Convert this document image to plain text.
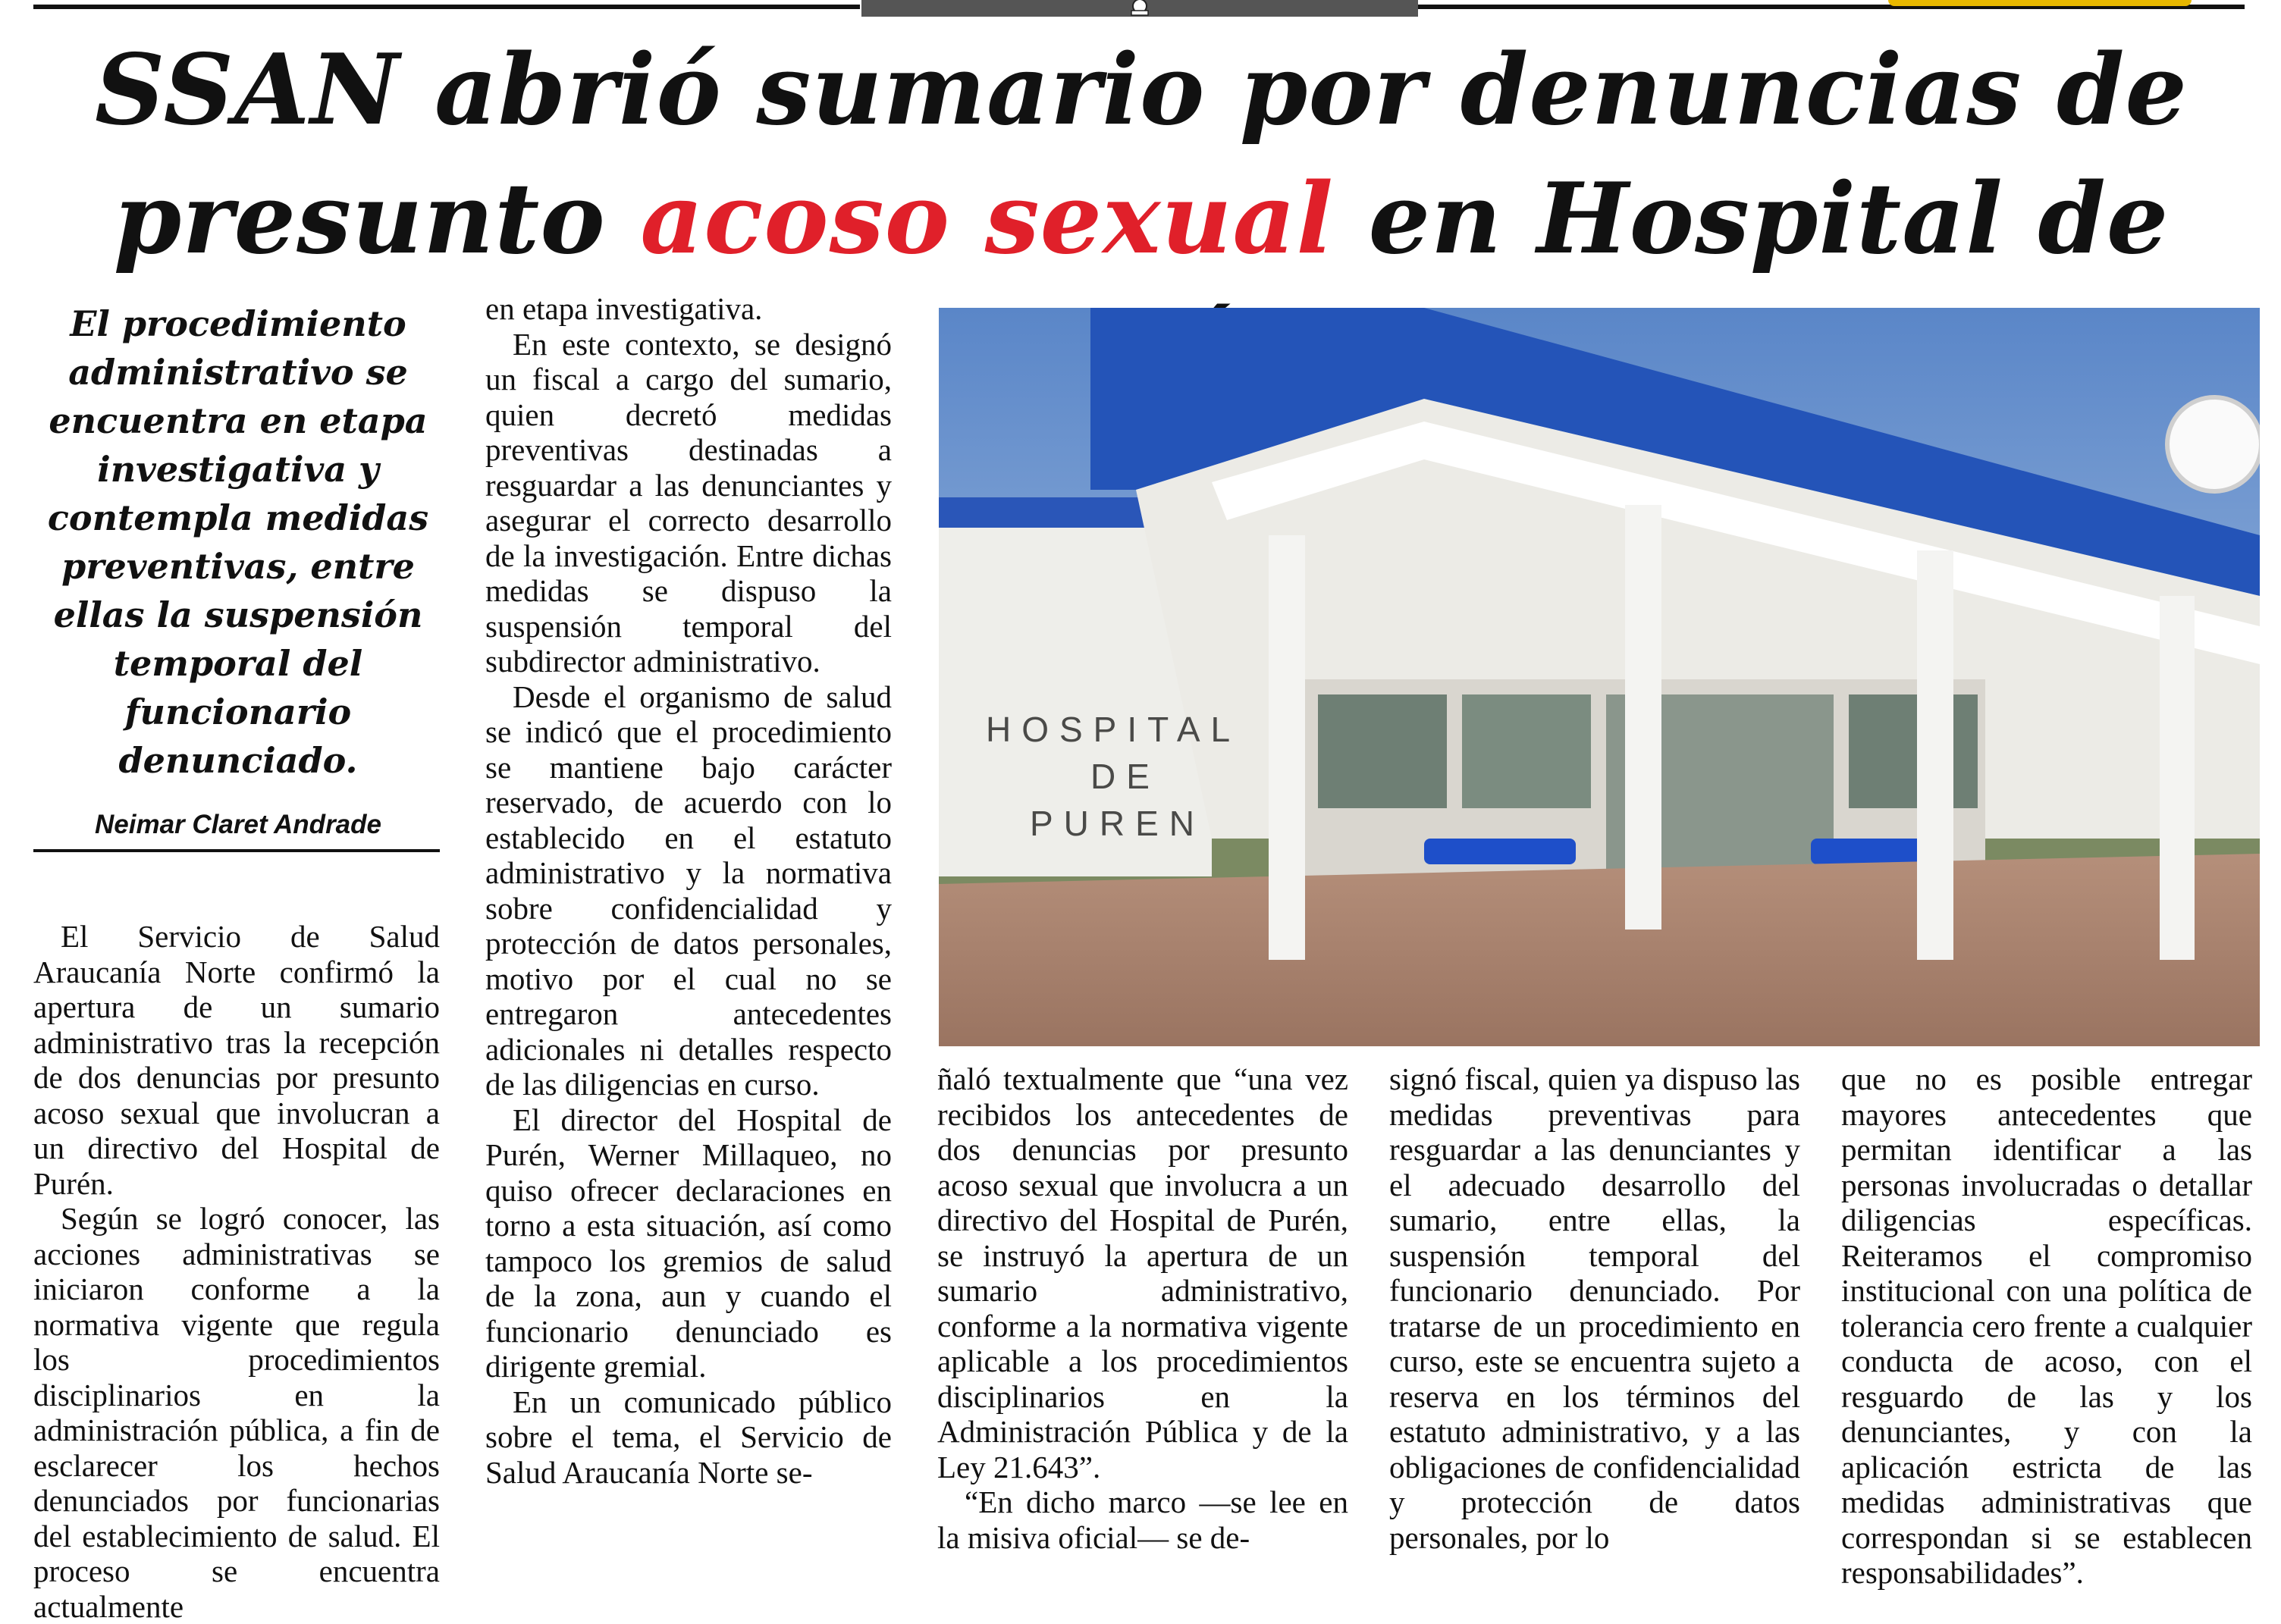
SSAN abrió sumario por denuncias de
presunto acoso sexual en Hospital de
El procedimiento administrativo se encuentra en etapa investigativa y contempla medidas preventivas, entre ellas la suspensión temporal del funcionario denunciado.
Neimar Claret Andrade

El Servicio de Salud Araucanía Norte confirmó la apertura de un sumario administrativo tras la recepción de dos denuncias por presunto acoso sexual que involucran a un directivo del Hospital de Purén.

Según se logró conocer, las acciones administrativas se iniciaron conforme a la normativa vigente que regula los procedimientos disciplinarios en la administración pública, a fin de esclarecer los hechos denunciados por funcionarias del establecimiento de salud. El proceso se encuentra actualmente

en etapa investigativa.

En este contexto, se designó un fiscal a cargo del sumario, quien decretó medidas preventivas destinadas a resguardar a las denunciantes y asegurar el correcto desarrollo de la investigación. Entre dichas medidas se dispuso la suspensión temporal del subdirector administrativo.

Desde el organismo de salud se indicó que el procedimiento se mantiene bajo carácter reservado, de acuerdo con lo establecido en el estatuto administrativo y la normativa sobre confidencialidad y protección de datos personales, motivo por el cual no se entregaron antecedentes adicionales ni detalles respecto de las diligencias en curso.

El director del Hospital de Purén, Werner Millaqueo, no quiso ofrecer declaraciones en torno a esta situación, así como tampoco los gremios de salud de la zona, aun y cuando el funcionario denunciado es dirigente gremial.

En un comunicado público sobre el tema, el Servicio de Salud Araucanía Norte se-

HOSPITAL
DE
PUREN

ñaló textualmente que “una vez recibidos los antecedentes de dos denuncias por presunto acoso sexual que involucra a un directivo del Hospital de Purén, se instruyó la apertura de un sumario administrativo, conforme a la normativa vigente aplicable a los procedimientos disciplinarios en la Administración Pública y de la Ley 21.643”.

“En dicho marco —se lee en la misiva oficial— se de-

signó fiscal, quien ya dispuso las medidas preventivas para resguardar a las denunciantes y el adecuado desarrollo del sumario, entre ellas, la suspensión temporal del funcionario denunciado. Por tratarse de un procedimiento en curso, este se encuentra sujeto a reserva en los términos del estatuto administrativo, y a las obligaciones de confidencialidad y protección de datos personales, por lo

que no es posible entregar mayores antecedentes que permitan identificar a las personas involucradas o detallar diligencias específicas. Reiteramos el compromiso institucional con una política de tolerancia cero frente a cualquier conducta de acoso, con el resguardo de las y los denunciantes, y con la aplicación estricta de las medidas administrativas que correspondan si se establecen responsabilidades”.
